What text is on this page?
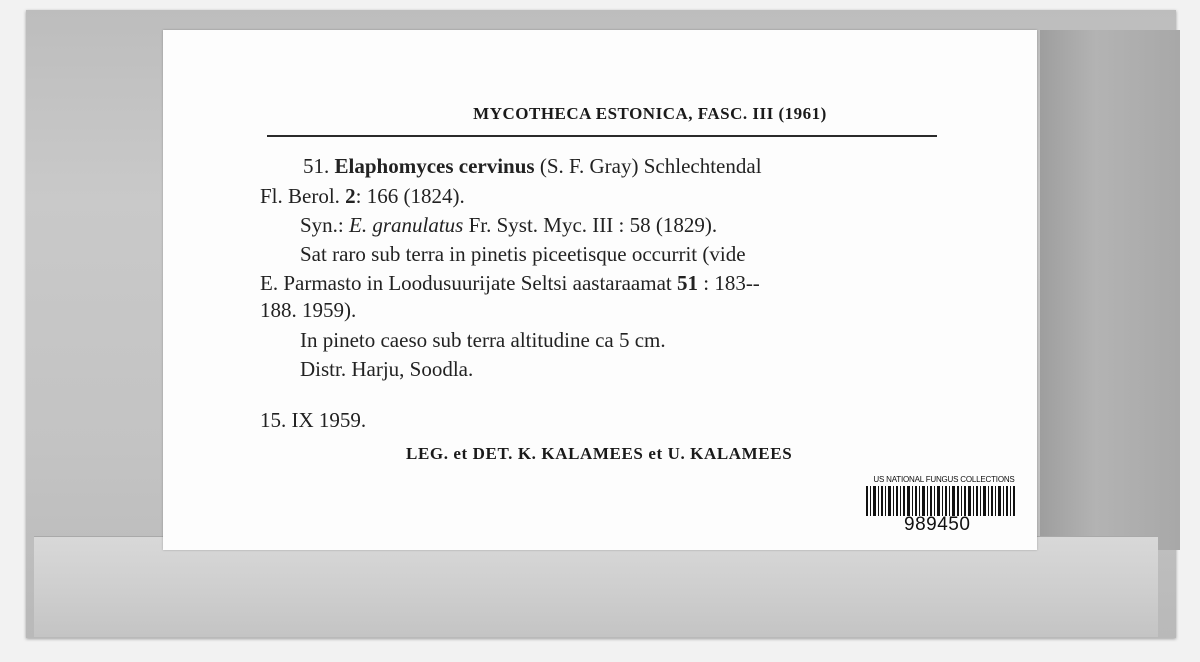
MYCOTHECA ESTONICA, FASC. III (1961)
51. Elaphomyces cervinus (S. F. Gray) Schlechtendal
Fl. Berol. 2: 166 (1824).
Syn.: E. granulatus Fr. Syst. Myc. III : 58 (1829).
Sat raro sub terra in pinetis piceetisque occurrit (vide
E. Parmasto in Loodusuurijate Seltsi aastaraamat 51 : 183--
188. 1959).
In pineto caeso sub terra altitudine ca 5 cm.
Distr. Harju, Soodla.
15. IX 1959.
LEG. et DET. K. KALAMEES et U. KALAMEES
US NATIONAL FUNGUS COLLECTIONS
989450
